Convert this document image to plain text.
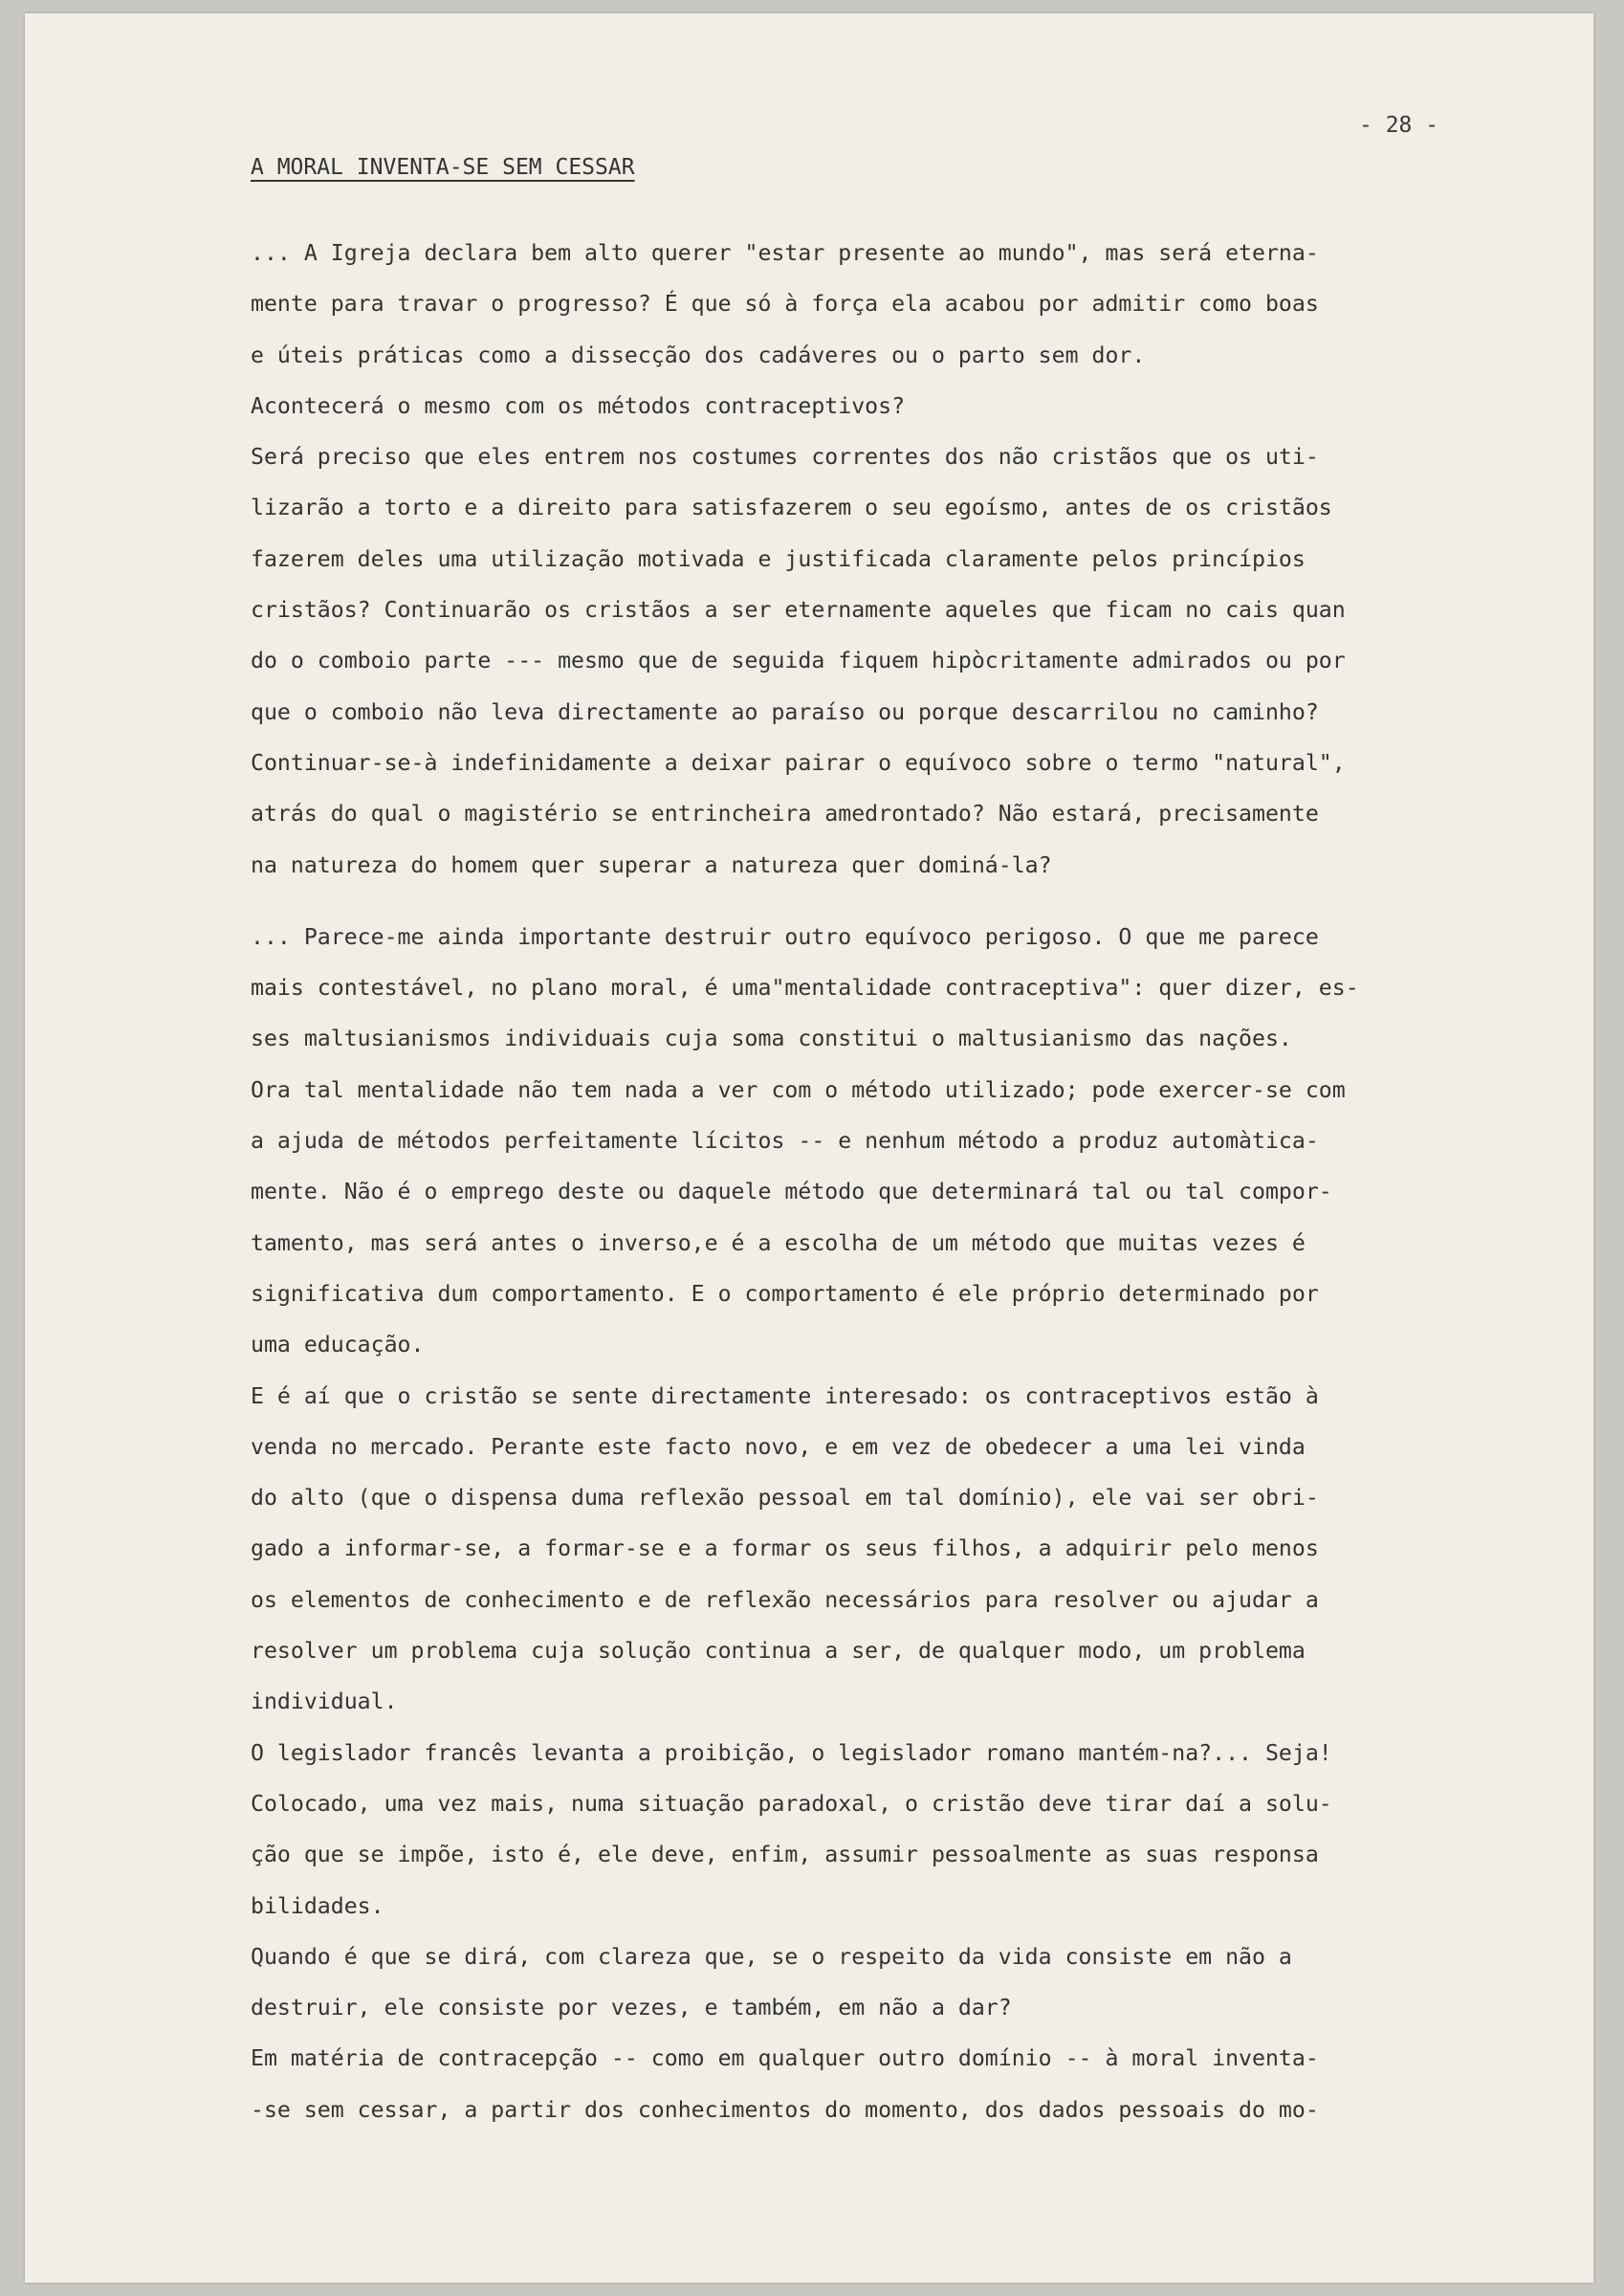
- 28 -
A MORAL INVENTA-SE SEM CESSAR
... A Igreja declara bem alto querer "estar presente ao mundo", mas será eterna-
mente para travar o progresso? É que só à força ela acabou por admitir como boas
e úteis práticas como a dissecção dos cadáveres ou o parto sem dor.
Acontecerá o mesmo com os métodos contraceptivos?
Será preciso que eles entrem nos costumes correntes dos não cristãos que os uti-
lizarão a torto e a direito para satisfazerem o seu egoísmo, antes de os cristãos
fazerem deles uma utilização motivada e justificada claramente pelos princípios
cristãos? Continuarão os cristãos a ser eternamente aqueles que ficam no cais quan
do o comboio parte --- mesmo que de seguida fiquem hipòcritamente admirados ou por
que o comboio não leva directamente ao paraíso ou porque descarrilou no caminho?
Continuar-se-à indefinidamente a deixar pairar o equívoco sobre o termo "natural",
atrás do qual o magistério se entrincheira amedrontado? Não estará, precisamente
na natureza do homem quer superar a natureza quer dominá-la?
... Parece-me ainda importante destruir outro equívoco perigoso. O que me parece
mais contestável, no plano moral, é uma"mentalidade contraceptiva": quer dizer, es-
ses maltusianismos individuais cuja soma constitui o maltusianismo das nações.
Ora tal mentalidade não tem nada a ver com o método utilizado; pode exercer-se com
a ajuda de métodos perfeitamente lícitos -- e nenhum método a produz automàtica-
mente. Não é o emprego deste ou daquele método que determinará tal ou tal compor-
tamento, mas será antes o inverso,e é a escolha de um método que muitas vezes é
significativa dum comportamento. E o comportamento é ele próprio determinado por
uma educação.
E é aí que o cristão se sente directamente interesado: os contraceptivos estão à
venda no mercado. Perante este facto novo, e em vez de obedecer a uma lei vinda
do alto (que o dispensa duma reflexão pessoal em tal domínio), ele vai ser obri-
gado a informar-se, a formar-se e a formar os seus filhos, a adquirir pelo menos
os elementos de conhecimento e de reflexão necessários para resolver ou ajudar a
resolver um problema cuja solução continua a ser, de qualquer modo, um problema
individual.
O legislador francês levanta a proibição, o legislador romano mantém-na?... Seja!
Colocado, uma vez mais, numa situação paradoxal, o cristão deve tirar daí a solu-
ção que se impõe, isto é, ele deve, enfim, assumir pessoalmente as suas responsa
bilidades.
Quando é que se dirá, com clareza que, se o respeito da vida consiste em não a
destruir, ele consiste por vezes, e também, em não a dar?
Em matéria de contracepção -- como em qualquer outro domínio -- à moral inventa-
-se sem cessar, a partir dos conhecimentos do momento, dos dados pessoais do mo-
